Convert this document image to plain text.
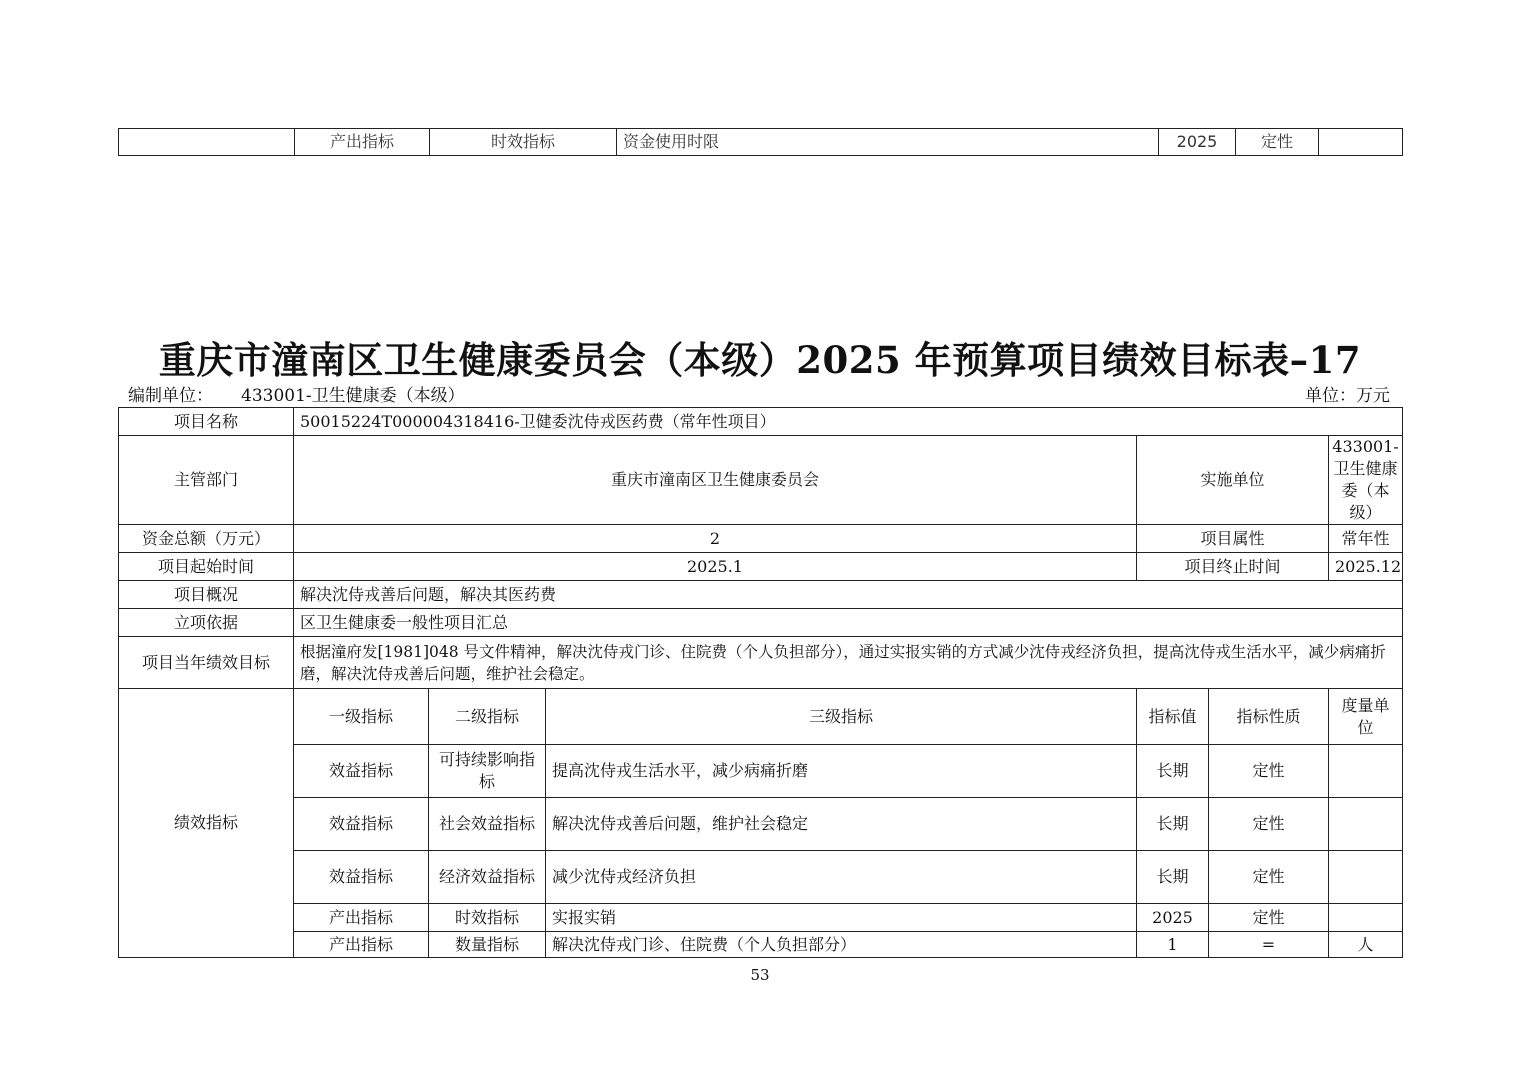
	产出指标	时效指标	资金使用时限	2025	定性	
重庆市潼南区卫生健康委员会（本级）2025 年预算项目绩效目标表–17
编制单位： 433001-卫生健康委（本级）	单位：万元
项目名称	50015224T000004318416-卫健委沈侍戎医药费（常年性项目）					
主管部门	重庆市潼南区卫生健康委员会			实施单位		433001-卫生健康委（本级）
资金总额（万元）	2			项目属性		常年性
项目起始时间	2025.1			项目终止时间		2025.12
项目概况	解决沈侍戎善后问题，解决其医药费					
立项依据	区卫生健康委一般性项目汇总					
项目当年绩效目标	根据潼府发[1981]048 号文件精神，解决沈侍戎门诊、住院费（个人负担部分），通过实报实销的方式减少沈侍戎经济负担，提高沈侍戎生活水平，减少病痛折磨，解决沈侍戎善后问题，维护社会稳定。					
绩效指标	一级指标	二级指标	三级指标	指标值	指标性质	度量单位
	效益指标	可持续影响指标	提高沈侍戎生活水平，减少病痛折磨	长期	定性	
	效益指标	社会效益指标	解决沈侍戎善后问题，维护社会稳定	长期	定性	
	效益指标	经济效益指标	减少沈侍戎经济负担	长期	定性	
	产出指标	时效指标	实报实销	2025	定性	
	产出指标	数量指标	解决沈侍戎门诊、住院费（个人负担部分）	1	=	人
53
